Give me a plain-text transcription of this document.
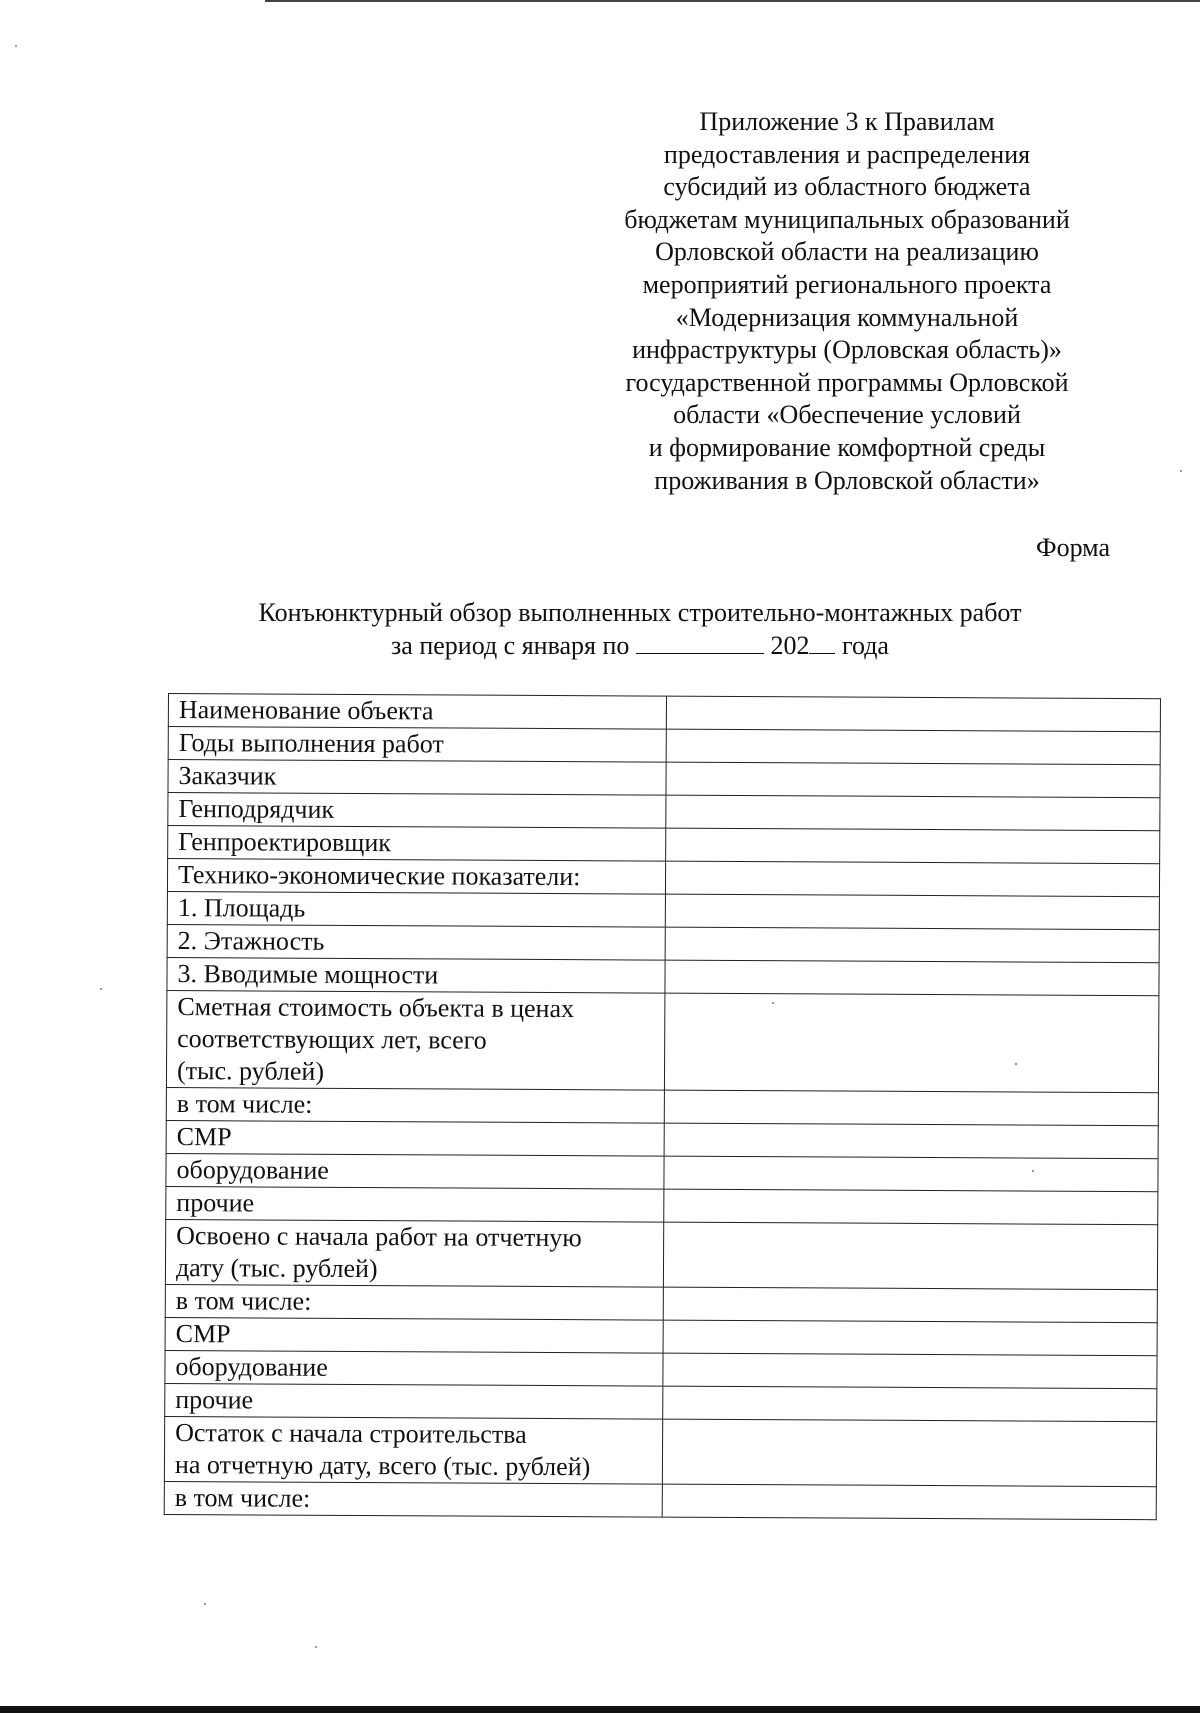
Приложение 3 к Правилам
предоставления и распределения
субсидий из областного бюджета
бюджетам муниципальных образований
Орловской области на реализацию
мероприятий регионального проекта
«Модернизация коммунальной
инфраструктуры (Орловская область)»
государственной программы Орловской
области «Обеспечение условий
и формирование комфортной среды
проживания в Орловской области»
Форма
Конъюнктурный обзор выполненных строительно-монтажных работ
за период с января по	202 года
Наименование объекта	

Годы выполнения работ	

Заказчик	

Генподрядчик	

Генпроектировщик	

Технико-экономические показатели:	

1. Площадь	

2. Этажность	

3. Вводимые мощности	

Сметная стоимость объекта в ценах
соответствующих лет, всего
(тыс. рублей)	

в том числе:	

СМР	

оборудование	

прочие	

Освоено с начала работ на отчетную
дату (тыс. рублей)	

в том числе:	

СМР	

оборудование	

прочие	

Остаток с начала строительства
на отчетную дату, всего (тыс. рублей)	

в том числе:	
